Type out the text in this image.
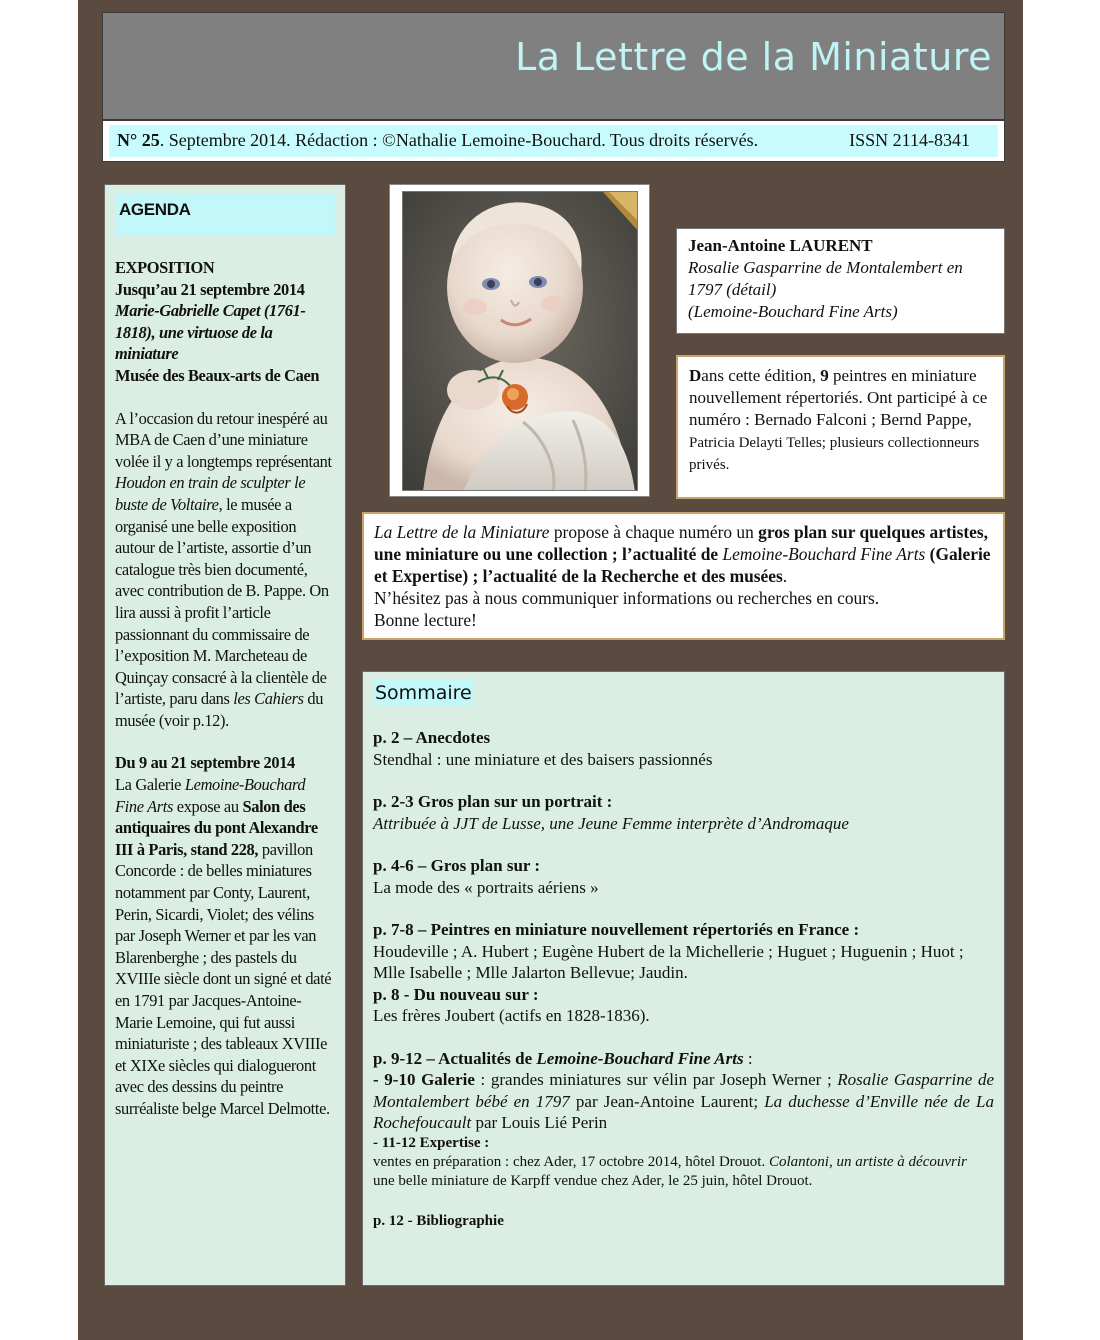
La Lettre de la Miniature
N° 25. Septembre 2014. Rédaction : ©Nathalie Lemoine-Bouchard. Tous droits réservés.	ISSN 2114-8341
AGENDA
EXPOSITION
Jusqu’au 21 septembre 2014
Marie-Gabrielle Capet (1761-1818), une virtuose de la miniature
Musée des Beaux-arts de Caen

A l’occasion du retour inespéré au MBA de Caen d’une miniature volée il y a longtemps représentant Houdon en train de sculpter le buste de Voltaire, le musée a organisé une belle exposition autour de l’artiste, assortie d’un catalogue très bien documenté, avec contribution de B. Pappe. On lira aussi à profit l’article passionnant du commissaire de l’exposition M. Marcheteau de Quinçay consacré à la clientèle de l’artiste, paru dans les Cahiers du musée (voir p.12).

Du 9 au 21 septembre 2014
La Galerie Lemoine-Bouchard Fine Arts expose au Salon des antiquaires du pont Alexandre III à Paris, stand 228, pavillon Concorde : de belles miniatures notamment par Conty, Laurent, Perin, Sicardi, Violet; des vélins par Joseph Werner et par les van Blarenberghe ; des pastels du XVIIIe siècle dont un signé et daté en 1791 par Jacques-Antoine-Marie Lemoine, qui fut aussi miniaturiste ; des tableaux XVIIIe et XIXe siècles qui dialogueront avec des dessins du peintre surréaliste belge Marcel Delmotte.
Jean-Antoine LAURENT
Rosalie Gasparrine de Montalembert en 1797 (détail)
(Lemoine-Bouchard Fine Arts)
Dans cette édition, 9 peintres en miniature nouvellement répertoriés. Ont participé à ce numéro : Bernado Falconi ; Bernd Pappe, Patricia Delayti Telles; plusieurs collectionneurs privés.
La Lettre de la Miniature propose à chaque numéro un gros plan sur quelques artistes, une miniature ou une collection ; l’actualité de Lemoine-Bouchard Fine Arts (Galerie et Expertise) ; l’actualité de la Recherche et des musées.
N’hésitez pas à nous communiquer informations ou recherches en cours.
Bonne lecture!
Sommaire
p. 2 – Anecdotes
Stendhal : une miniature et des baisers passionnés
p. 2-3 Gros plan sur un portrait :
Attribuée à JJT de Lusse, une Jeune Femme interprète d’Andromaque
p. 4-6 – Gros plan sur :
La mode des « portraits aériens »
p. 7-8 – Peintres en miniature nouvellement répertoriés en France :
Houdeville ; A. Hubert ; Eugène Hubert de la Michellerie ; Huguet ; Huguenin ; Huot ; Mlle Isabelle ; Mlle Jalarton Bellevue; Jaudin.
p. 8 - Du nouveau sur :
Les frères Joubert (actifs en 1828-1836).
p. 9-12 – Actualités de Lemoine-Bouchard Fine Arts :
- 9-10 Galerie : grandes miniatures sur vélin par Joseph Werner ; Rosalie Gasparrine de Montalembert bébé en 1797 par Jean-Antoine Laurent; La duchesse d’Enville née de La Rochefoucault par Louis Lié Perin
- 11-12 Expertise :
ventes en préparation : chez Ader, 17 octobre 2014, hôtel Drouot. Colantoni, un artiste à découvrir
une belle miniature de Karpff vendue chez Ader, le 25 juin, hôtel Drouot.
p. 12 - Bibliographie
